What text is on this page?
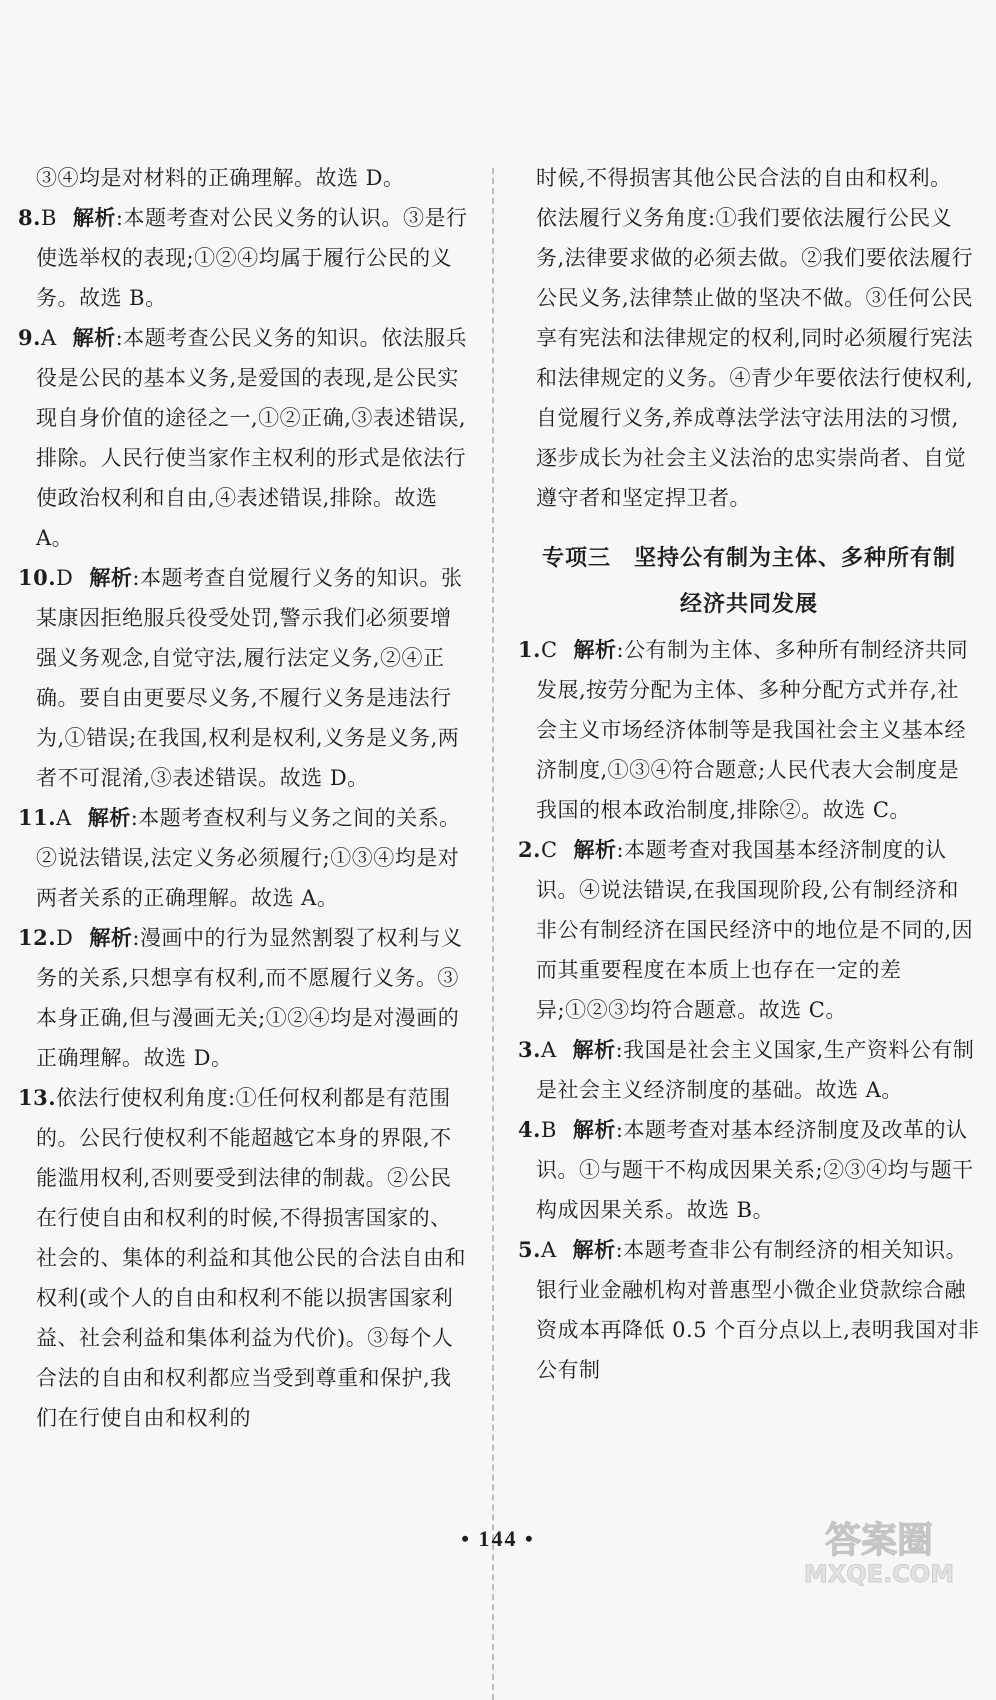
③④均是对材料的正确理解。故选 D。

8.B 解析:本题考查对公民义务的认识。③是行使选举权的表现;①②④均属于履行公民的义务。故选 B。

9.A 解析:本题考查公民义务的知识。依法服兵役是公民的基本义务,是爱国的表现,是公民实现自身价值的途径之一,①②正确,③表述错误,排除。人民行使当家作主权利的形式是依法行使政治权利和自由,④表述错误,排除。故选 A。

10.D 解析:本题考查自觉履行义务的知识。张某康因拒绝服兵役受处罚,警示我们必须要增强义务观念,自觉守法,履行法定义务,②④正确。要自由更要尽义务,不履行义务是违法行为,①错误;在我国,权利是权利,义务是义务,两者不可混淆,③表述错误。故选 D。

11.A 解析:本题考查权利与义务之间的关系。②说法错误,法定义务必须履行;①③④均是对两者关系的正确理解。故选 A。

12.D 解析:漫画中的行为显然割裂了权利与义务的关系,只想享有权利,而不愿履行义务。③本身正确,但与漫画无关;①②④均是对漫画的正确理解。故选 D。

13.依法行使权利角度:①任何权利都是有范围的。公民行使权利不能超越它本身的界限,不能滥用权利,否则要受到法律的制裁。②公民在行使自由和权利的时候,不得损害国家的、社会的、集体的利益和其他公民的合法自由和权利(或个人的自由和权利不能以损害国家利益、社会利益和集体利益为代价)。③每个人合法的自由和权利都应当受到尊重和保护,我们在行使自由和权利的

时候,不得损害其他公民合法的自由和权利。

依法履行义务角度:①我们要依法履行公民义务,法律要求做的必须去做。②我们要依法履行公民义务,法律禁止做的坚决不做。③任何公民享有宪法和法律规定的权利,同时必须履行宪法和法律规定的义务。④青少年要依法行使权利,自觉履行义务,养成尊法学法守法用法的习惯,逐步成长为社会主义法治的忠实崇尚者、自觉遵守者和坚定捍卫者。

专项三　坚持公有制为主体、多种所有制
经济共同发展

1.C 解析:公有制为主体、多种所有制经济共同发展,按劳分配为主体、多种分配方式并存,社会主义市场经济体制等是我国社会主义基本经济制度,①③④符合题意;人民代表大会制度是我国的根本政治制度,排除②。故选 C。

2.C 解析:本题考查对我国基本经济制度的认识。④说法错误,在我国现阶段,公有制经济和非公有制经济在国民经济中的地位是不同的,因而其重要程度在本质上也存在一定的差异;①②③均符合题意。故选 C。

3.A 解析:我国是社会主义国家,生产资料公有制是社会主义经济制度的基础。故选 A。

4.B 解析:本题考查对基本经济制度及改革的认识。①与题干不构成因果关系;②③④均与题干构成因果关系。故选 B。

5.A 解析:本题考查非公有制经济的相关知识。银行业金融机构对普惠型小微企业贷款综合融资成本再降低 0.5 个百分点以上,表明我国对非公有制

• 144 •	答案圈
MXQE.COM
